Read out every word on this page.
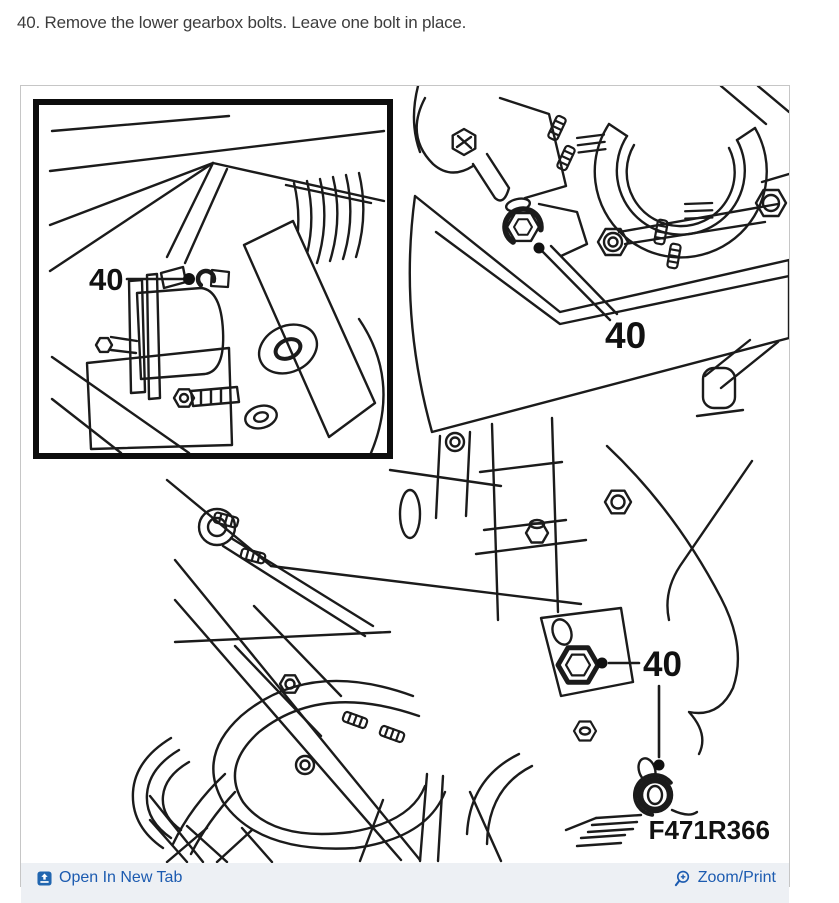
40. Remove the lower gearbox bolts. Leave one bolt in place.
40
40
F471R366
40
Open In New Tab	Zoom/Print
